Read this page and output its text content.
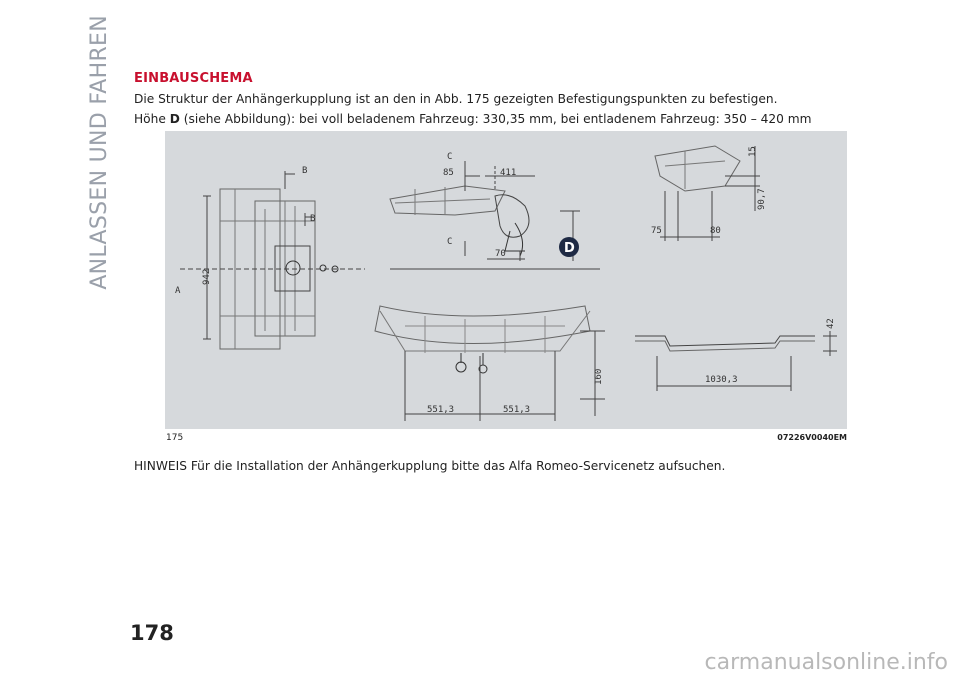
ANLASSEN UND FAHREN EINBAUSCHEMA
Die Struktur der Anhängerkupplung ist an den in Abb. 175 gezeigten Befestigungspunkten zu befestigen.
Höhe D (siehe Abbildung): bei voll beladenem Fahrzeug: 330,35 mm, bei entladenem Fahrzeug: 350 – 420 mm
B
B
A
942
C
C
85	411
70	D
15
90,7
75	80
551,3	551,3
160
42
1030,3
175	07226V0040EM
HINWEIS Für die Installation der Anhängerkupplung bitte das Alfa Romeo-Servicenetz aufsuchen.
178
carmanualsonline.info
